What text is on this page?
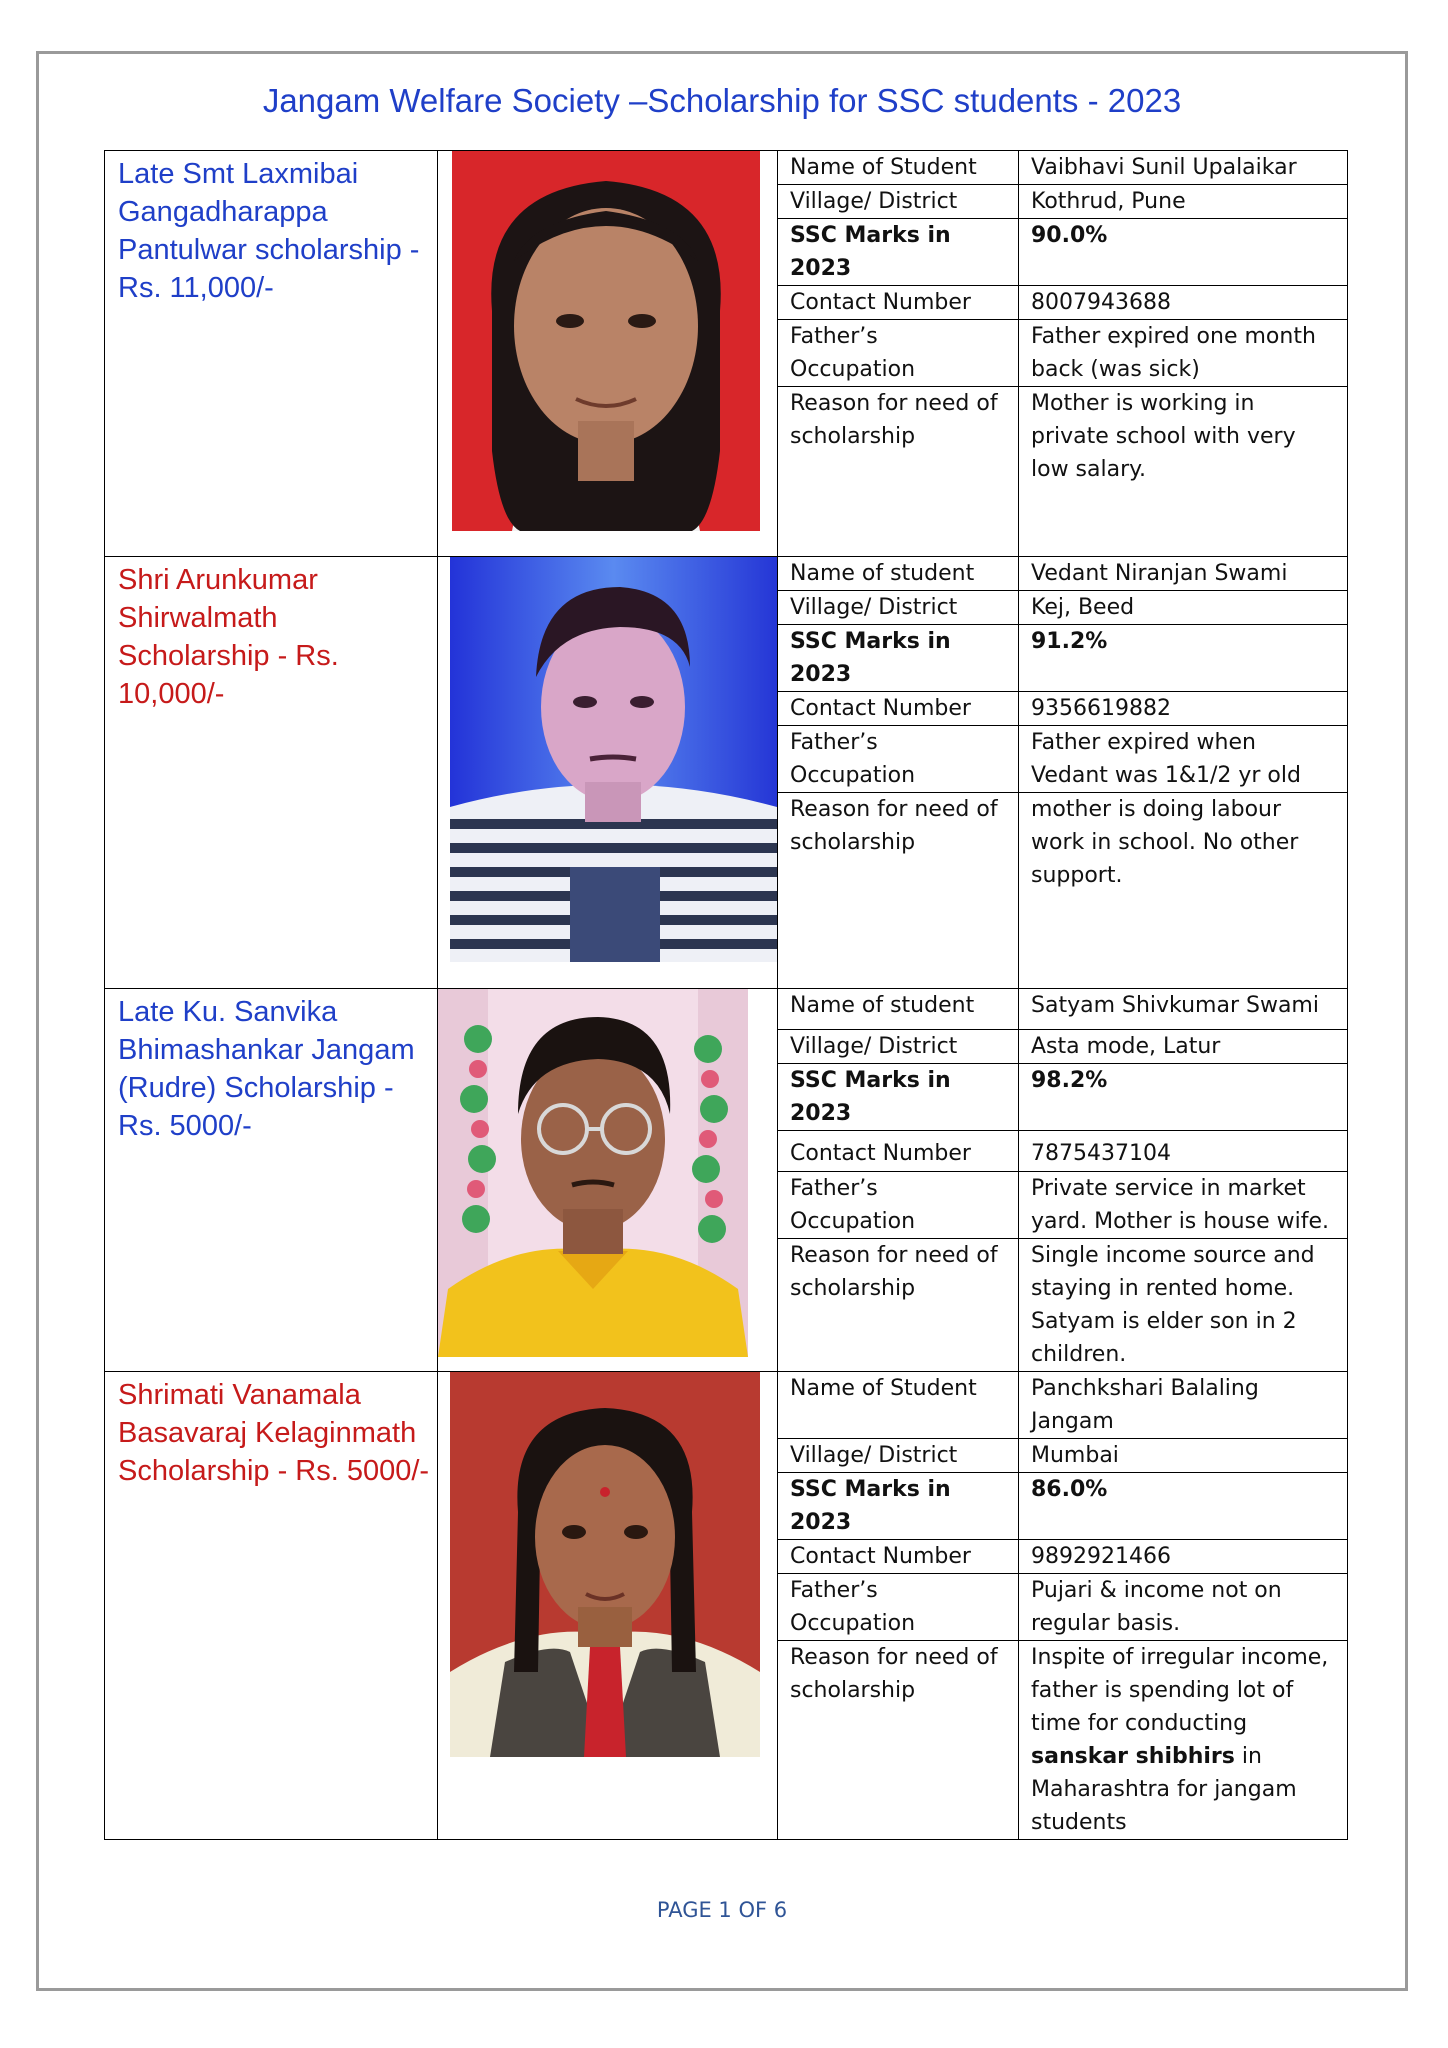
Jangam Welfare Society –Scholarship for SSC students - 2023
Late Smt Laxmibai Gangadharappa Pantulwar scholarship - Rs. 11,000/-

Name of Student	Vaibhavi Sunil Upalaikar
Village/ District	Kothrud, Pune
SSC Marks in 2023	90.0%
Contact Number	8007943688
Father’s Occupation	Father expired one month back (was sick)
Reason for need of scholarship	Mother is working in private school with very low salary.

Shri Arunkumar Shirwalmath Scholarship - Rs. 10,000/-

Name of student	Vedant Niranjan Swami
Village/ District	Kej, Beed
SSC Marks in 2023	91.2%
Contact Number	9356619882
Father’s Occupation	Father expired when Vedant was 1&1/2 yr old
Reason for need of scholarship	mother is doing labour work in school. No other support.

Late Ku. Sanvika Bhimashankar Jangam (Rudre) Scholarship - Rs. 5000/-

Name of student	Satyam Shivkumar Swami
Village/ District	Asta mode, Latur
SSC Marks in 2023	98.2%
Contact Number	7875437104
Father’s Occupation	Private service in market yard. Mother is house wife.
Reason for need of scholarship	Single income source and staying in rented home. Satyam is elder son in 2 children.

Shrimati Vanamala Basavaraj Kelaginmath Scholarship - Rs. 5000/-

Name of Student	Panchkshari Balaling Jangam
Village/ District	Mumbai
SSC Marks in 2023	86.0%
Contact Number	9892921466
Father’s Occupation	Pujari & income not on regular basis.
Reason for need of scholarship	Inspite of irregular income, father is spending lot of time for conducting sanskar shibhirs in Maharashtra for jangam students
PAGE 1 OF 6
